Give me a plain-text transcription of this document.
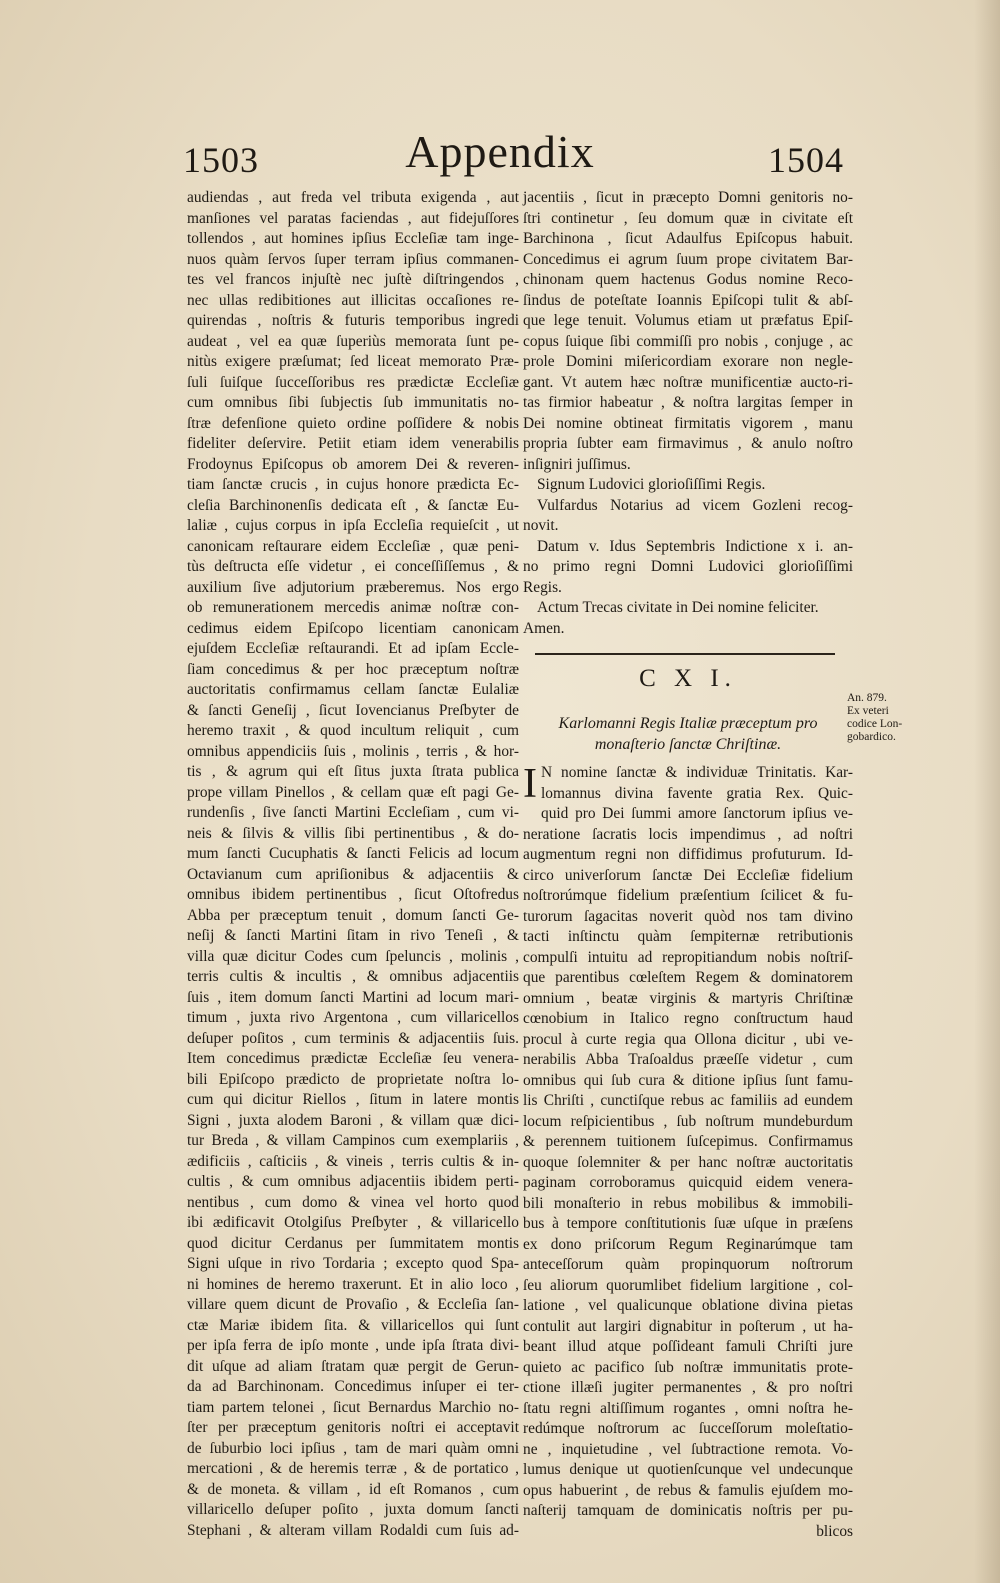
1503	Appendix	1504
audiendas , aut freda vel tributa exigenda , aut
manſiones vel paratas faciendas , aut fidejuſſores
tollendos , aut homines ipſius Eccleſiæ tam inge-
nuos quàm ſervos ſuper terram ipſius commanen-
tes vel francos injuſtè nec juſtè diſtringendos ,
nec ullas redibitiones aut illicitas occaſiones re-
quirendas , noſtris & futuris temporibus ingredi
audeat , vel ea quæ ſuperiùs memorata ſunt pe-
nitùs exigere præſumat; ſed liceat memorato Præ-
ſuli ſuiſque ſucceſſoribus res prædictæ Eccleſiæ
cum omnibus ſibi ſubjectis ſub immunitatis no-
ſtræ defenſione quieto ordine poſſidere & nobis
fideliter deſervire. Petiit etiam idem venerabilis
Frodoynus Epiſcopus ob amorem Dei & reveren-
tiam ſanctæ crucis , in cujus honore prædicta Ec-
cleſia Barchinonenſis dedicata eſt , & ſanctæ Eu-
laliæ , cujus corpus in ipſa Eccleſia requieſcit , ut
canonicam reſtaurare eidem Eccleſiæ , quæ peni-
tùs deſtructa eſſe videtur , ei conceſſiſſemus , &
auxilium ſive adjutorium præberemus. Nos ergo
ob remunerationem mercedis animæ noſtræ con-
cedimus eidem Epiſcopo licentiam canonicam
ejuſdem Eccleſiæ reſtaurandi. Et ad ipſam Eccle-
ſiam concedimus & per hoc præceptum noſtræ
auctoritatis confirmamus cellam ſanctæ Eulaliæ
& ſancti Geneſij , ſicut Iovencianus Preſbyter de
heremo traxit , & quod incultum reliquit , cum
omnibus appendiciis ſuis , molinis , terris , & hor-
tis , & agrum qui eſt ſitus juxta ſtrata publica
prope villam Pinellos , & cellam quæ eſt pagi Ge-
rundenſis , ſive ſancti Martini Eccleſiam , cum vi-
neis & ſilvis & villis ſibi pertinentibus , & do-
mum ſancti Cucuphatis & ſancti Felicis ad locum
Octavianum cum apriſionibus & adjacentiis &
omnibus ibidem pertinentibus , ſicut Oſtofredus
Abba per præceptum tenuit , domum ſancti Ge-
neſij & ſancti Martini ſitam in rivo Teneſi , &
villa quæ dicitur Codes cum ſpeluncis , molinis ,
terris cultis & incultis , & omnibus adjacentiis
ſuis , item domum ſancti Martini ad locum mari-
timum , juxta rivo Argentona , cum villaricellos
deſuper poſitos , cum terminis & adjacentiis ſuis.
Item concedimus prædictæ Eccleſiæ ſeu venera-
bili Epiſcopo prædicto de proprietate noſtra lo-
cum qui dicitur Riellos , ſitum in latere montis
Signi , juxta alodem Baroni , & villam quæ dici-
tur Breda , & villam Campinos cum exemplariis ,
ædificiis , caſticiis , & vineis , terris cultis & in-
cultis , & cum omnibus adjacentiis ibidem perti-
nentibus , cum domo & vinea vel horto quod
ibi ædificavit Otolgiſus Preſbyter , & villaricello
quod dicitur Cerdanus per ſummitatem montis
Signi uſque in rivo Tordaria ; excepto quod Spa-
ni homines de heremo traxerunt. Et in alio loco ,
villare quem dicunt de Provaſio , & Eccleſia ſan-
ctæ Mariæ ibidem ſita. & villaricellos qui ſunt
per ipſa ferra de ipſo monte , unde ipſa ſtrata divi-
dit uſque ad aliam ſtratam quæ pergit de Gerun-
da ad Barchinonam. Concedimus inſuper ei ter-
tiam partem telonei , ſicut Bernardus Marchio no-
ſter per præceptum genitoris noſtri ei acceptavit
de ſuburbio loci ipſius , tam de mari quàm omni
mercationi , & de heremis terræ , & de portatico ,
& de moneta. & villam , id eſt Romanos , cum
villaricello deſuper poſito , juxta domum ſancti
Stephani , & alteram villam Rodaldi cum ſuis ad-
jacentiis , ſicut in præcepto Domni genitoris no-
ſtri continetur , ſeu domum quæ in civitate eſt
Barchinona , ſicut Adaulfus Epiſcopus habuit.
Concedimus ei agrum ſuum prope civitatem Bar-
chinonam quem hactenus Godus nomine Reco-
ſindus de poteſtate Ioannis Epiſcopi tulit & abſ-
que lege tenuit. Volumus etiam ut præfatus Epiſ-
copus ſuique ſibi commiſſi pro nobis , conjuge , ac
prole Domini miſericordiam exorare non negle-
gant. Vt autem hæc noſtræ munificentiæ aucto-ri-
tas firmior habeatur , & noſtra largitas ſemper in
Dei nomine obtineat firmitatis vigorem , manu
propria ſubter eam firmavimus , & anulo noſtro
inſigniri juſſimus.
Signum Ludovici glorioſiſſimi Regis.
Vulfardus Notarius ad vicem Gozleni recog-
novit.
Datum v. Idus Septembris Indictione x i. an-
no primo regni Domni Ludovici glorioſiſſimi
Regis.
Actum Trecas civitate in Dei nomine feliciter.
Amen.
C X I.
Karlomanni Regis Italiæ præceptum pro
monaſterio ſanctæ Chriſtinæ.
I N nomine ſanctæ & individuæ Trinitatis. Kar-
lomannus divina favente gratia Rex. Quic-
quid pro Dei ſummi amore ſanctorum ipſius ve-
neratione ſacratis locis impendimus , ad noſtri
augmentum regni non diffidimus profuturum. Id-
circo univerſorum ſanctæ Dei Eccleſiæ fidelium
noſtrorúmque fidelium præſentium ſcilicet & fu-
turorum ſagacitas noverit quòd nos tam divino
tacti inſtinctu quàm ſempiternæ retributionis
compulſi intuitu ad repropitiandum nobis noſtriſ-
que parentibus cœleſtem Regem & dominatorem
omnium , beatæ virginis & martyris Chriſtinæ
cœnobium in Italico regno conſtructum haud
procul à curte regia qua Ollona dicitur , ubi ve-
nerabilis Abba Traſoaldus præeſſe videtur , cum
omnibus qui ſub cura & ditione ipſius ſunt famu-
lis Chriſti , cunctiſque rebus ac familiis ad eundem
locum reſpicientibus , ſub noſtrum mundeburdum
& perennem tuitionem ſuſcepimus. Confirmamus
quoque ſolemniter & per hanc noſtræ auctoritatis
paginam corroboramus quicquid eidem venera-
bili monaſterio in rebus mobilibus & immobili-
bus à tempore conſtitutionis ſuæ uſque in præſens
ex dono priſcorum Regum Reginarúmque tam
anteceſſorum quàm propinquorum noſtrorum
ſeu aliorum quorumlibet fidelium largitione , col-
latione , vel qualicunque oblatione divina pietas
contulit aut largiri dignabitur in poſterum , ut ha-
beant illud atque poſſideant famuli Chriſti jure
quieto ac pacifico ſub noſtræ immunitatis prote-
ctione illæſi jugiter permanentes , & pro noſtri
ſtatu regni altiſſimum rogantes , omni noſtra he-
redúmque noſtrorum ac ſucceſſorum moleſtatio-
ne , inquietudine , vel ſubtractione remota. Vo-
lumus denique ut quotienſcunque vel undecunque
opus habuerint , de rebus & famulis ejuſdem mo-
naſterij tamquam de dominicatis noſtris per pu-
blicos
An. 879.
Ex veteri
codice Lon-
gobardico.
